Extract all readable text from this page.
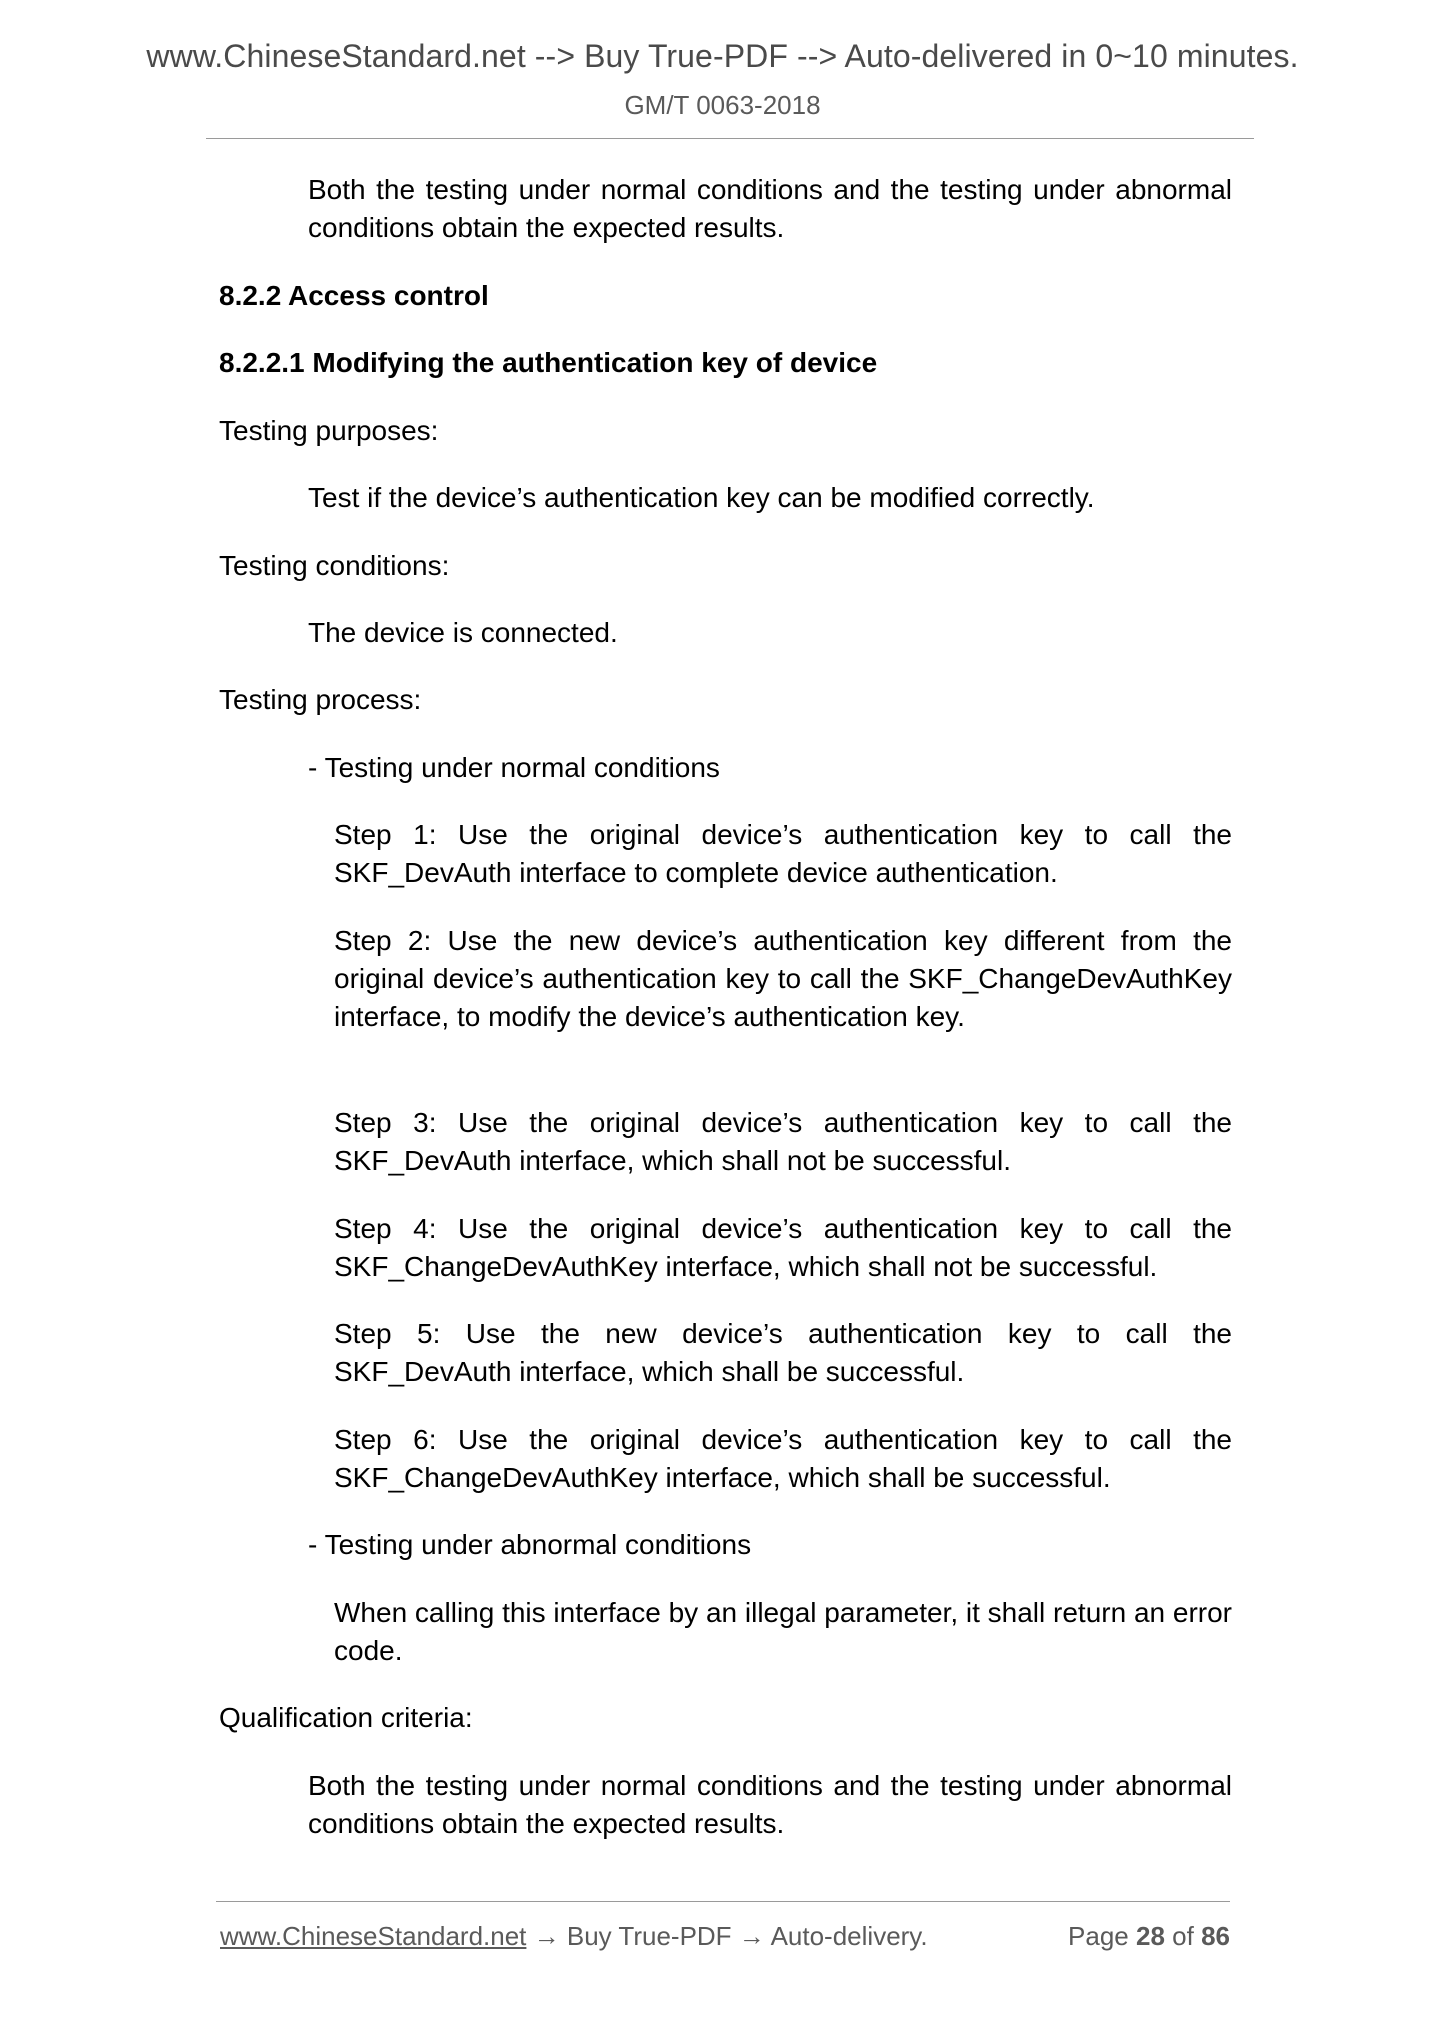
www.ChineseStandard.net --> Buy True-PDF --> Auto-delivered in 0~10 minutes.
GM/T 0063-2018

Both the testing under normal conditions and the testing under abnormal conditions obtain the expected results.

8.2.2 Access control

8.2.2.1 Modifying the authentication key of device

Testing purposes:

Test if the device’s authentication key can be modified correctly.

Testing conditions:

The device is connected.

Testing process:

- Testing under normal conditions

Step 1: Use the original device’s authentication key to call the SKF_DevAuth interface to complete device authentication.

Step 2: Use the new device’s authentication key different from the original device’s authentication key to call the SKF_ChangeDevAuthKey interface, to modify the device’s authentication key.

Step 3: Use the original device’s authentication key to call the SKF_DevAuth interface, which shall not be successful.

Step 4: Use the original device’s authentication key to call the SKF_ChangeDevAuthKey interface, which shall not be successful.

Step 5: Use the new device’s authentication key to call the SKF_DevAuth interface, which shall be successful.

Step 6: Use the original device’s authentication key to call the SKF_ChangeDevAuthKey interface, which shall be successful.

- Testing under abnormal conditions

When calling this interface by an illegal parameter, it shall return an error code.

Qualification criteria:

Both the testing under normal conditions and the testing under abnormal conditions obtain the expected results.

www.ChineseStandard.net → Buy True-PDF → Auto-delivery.	Page 28 of 86
